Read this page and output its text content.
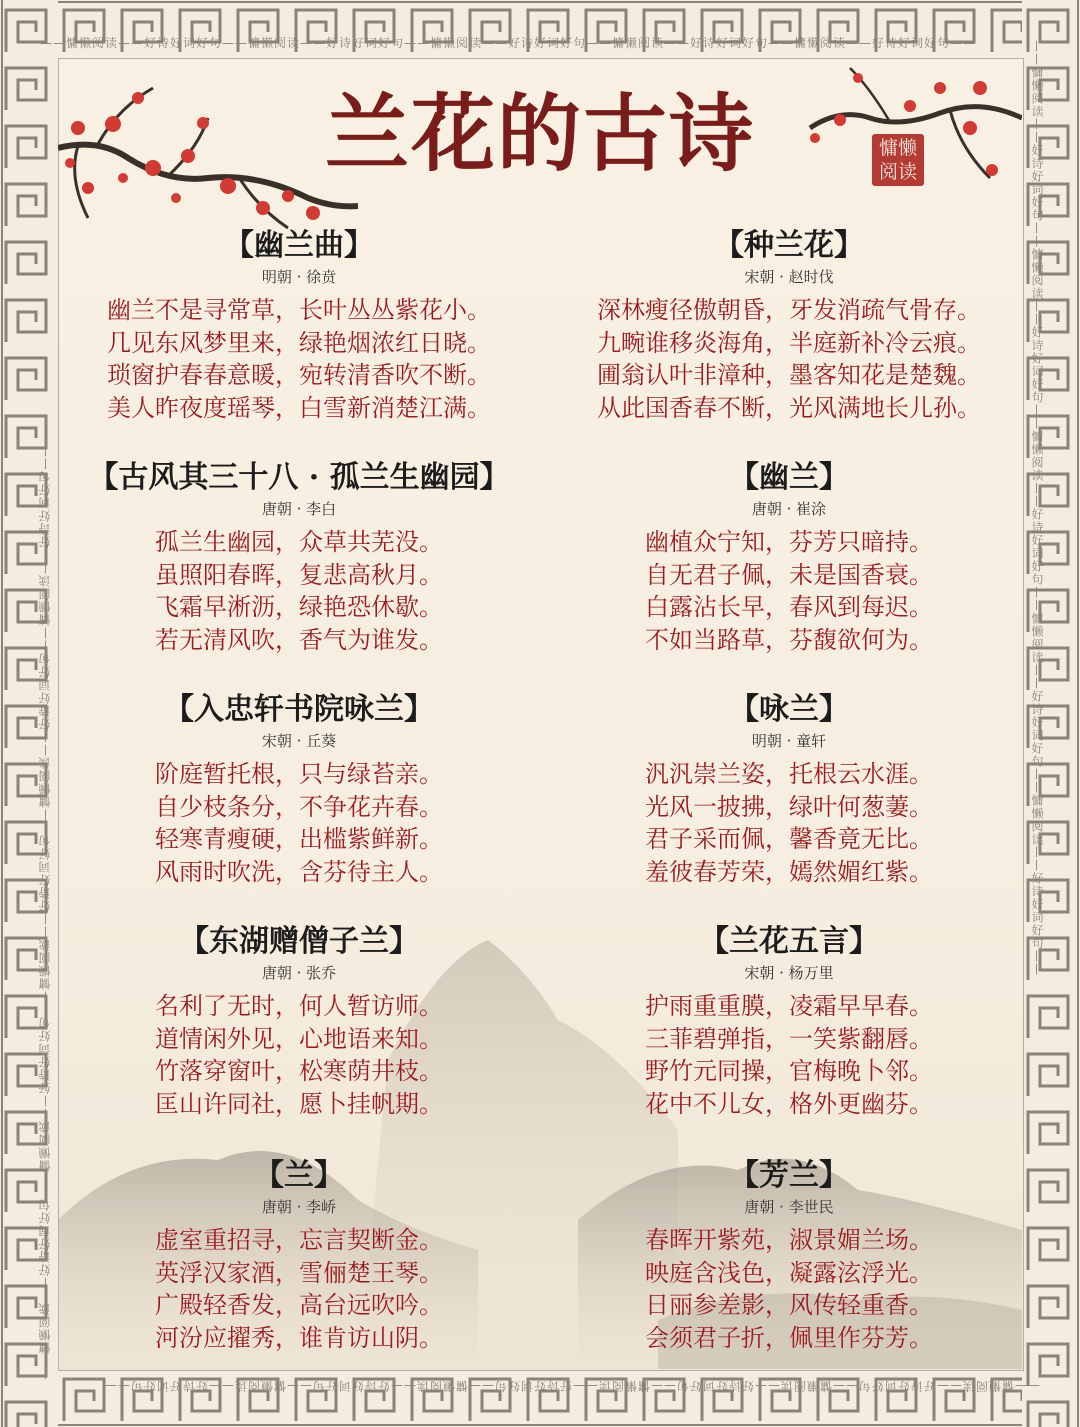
——慵懒阅读——好诗好词好句——慵懒阅读——好诗好词好句——慵懒阅读——好诗好词好句——慵懒阅读——好诗好词好句——慵懒阅读——好诗好词好句——
——慵懒阅读——好诗好词好句——慵懒阅读——好诗好词好句——慵懒阅读——好诗好词好句——慵懒阅读——好诗好词好句——慵懒阅读——好诗好词好句——
——慵懒阅读——好诗好词好句——慵懒阅读——好诗好词好句——慵懒阅读——好诗好词好句——慵懒阅读——好诗好词好句——慵懒阅读——好诗好词好句——	——慵懒阅读——好诗好词好句——慵懒阅读——好诗好词好句——慵懒阅读——好诗好词好句——慵懒阅读——好诗好词好句——慵懒阅读——好诗好词好句——
兰花的古诗	慵懒
阅读
【幽兰曲】
明朝 · 徐贲
幽兰不是寻常草，长叶丛丛紫花小。
几见东风梦里来，绿艳烟浓红日晓。
琐窗护春春意暖，宛转清香吹不断。
美人昨夜度瑶琴，白雪新消楚江满。
【种兰花】
宋朝 · 赵时伐
深林瘦径傲朝昏，牙发消疏气骨存。
九畹谁移炎海角，半庭新补冷云痕。
圃翁认叶非漳种，墨客知花是楚魏。
从此国香春不断，光风满地长儿孙。
【古风其三十八 · 孤兰生幽园】
唐朝 · 李白
孤兰生幽园，众草共芜没。
虽照阳春晖，复悲高秋月。
飞霜早淅沥，绿艳恐休歇。
若无清风吹，香气为谁发。
【幽兰】
唐朝 · 崔涂
幽植众宁知，芬芳只暗持。
自无君子佩，未是国香衰。
白露沾长早，春风到每迟。
不如当路草，芬馥欲何为。
【入忠轩书院咏兰】
宋朝 · 丘葵
阶庭暂托根，只与绿苔亲。
自少枝条分，不争花卉春。
轻寒青瘦硬，出槛紫鲜新。
风雨时吹洗，含芬待主人。
【咏兰】
明朝 · 童轩
汎汎崇兰姿，托根云水涯。
光风一披拂，绿叶何葱萋。
君子采而佩，馨香竟无比。
羞彼春芳荣，嫣然媚红紫。
【东湖赠僧子兰】
唐朝 · 张乔
名利了无时，何人暂访师。
道情闲外见，心地语来知。
竹落穿窗叶，松寒荫井枝。
匡山许同社，愿卜挂帆期。
【兰花五言】
宋朝 · 杨万里
护雨重重膜，凌霜早早春。
三菲碧弹指，一笑紫翻唇。
野竹元同操，官梅晚卜邻。
花中不儿女，格外更幽芬。
【兰】
唐朝 · 李峤
虚室重招寻，忘言契断金。
英浮汉家酒，雪俪楚王琴。
广殿轻香发，高台远吹吟。
河汾应擢秀，谁肯访山阴。
【芳兰】
唐朝 · 李世民
春晖开紫苑，淑景媚兰场。
映庭含浅色，凝露泫浮光。
日丽参差影，风传轻重香。
会须君子折，佩里作芬芳。
